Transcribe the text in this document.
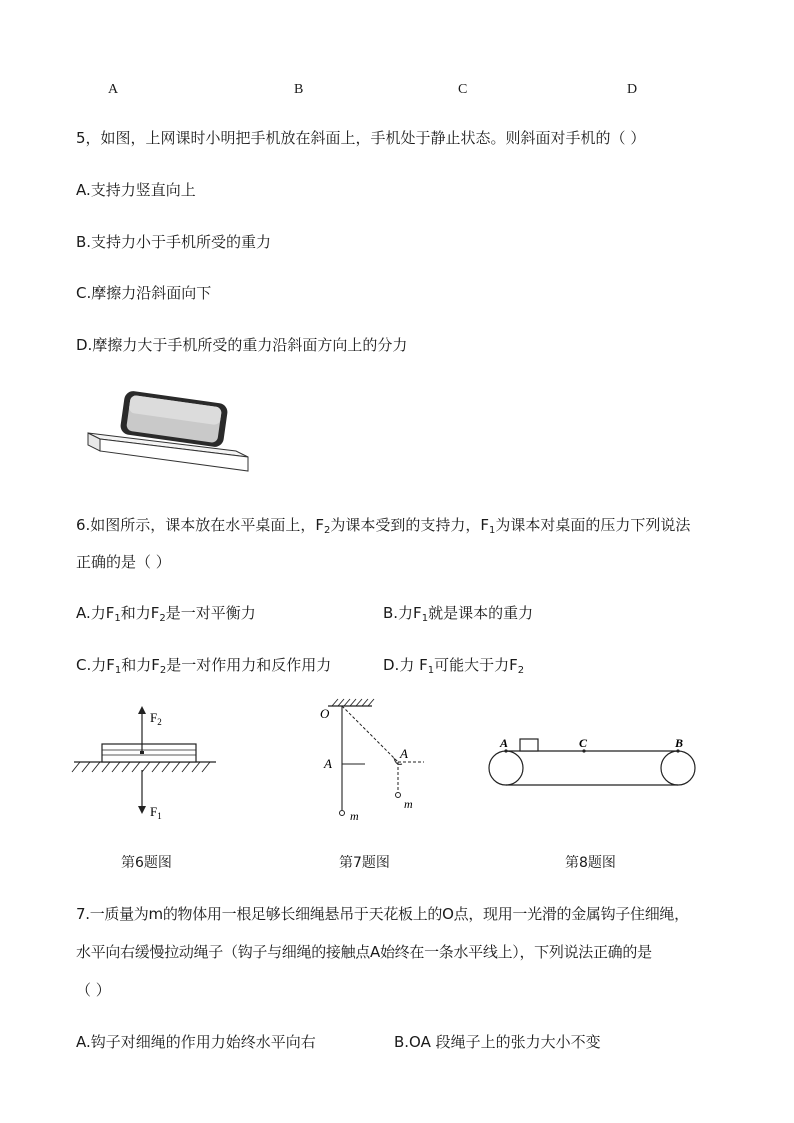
A	B	C	D
5，如图，上网课时小明把手机放在斜面上，手机处于静止状态。则斜面对手机的（ ）
A.支持力竖直向上
B.支持力小于手机所受的重力
C.摩擦力沿斜面向下
D.摩擦力大于手机所受的重力沿斜面方向上的分力
6.如图所示，课本放在水平桌面上，$F_2$为课本受到的支持力，$F_1$为课本对桌面的压力下列说法
正确的是（ ）
A.力$F_1$和力$F_2$是一对平衡力	B.力$F_1$就是课本的重力
C.力$F_1$和力$F_2$是一对作用力和反作用力	D.力 $F_1$可能大于力$F_2$
$F_2$
$F_1$
第6题图
O
A
A
m
m
第7题图
A	C	B
第8题图
7.一质量为m的物体用一根足够长细绳悬吊于天花板上的O点，现用一光滑的金属钩子住细绳，
水平向右缓慢拉动绳子（钩子与细绳的接触点A始终在一条水平线上），下列说法正确的是
（ ）
A.钩子对细绳的作用力始终水平向右	B.OA 段绳子上的张力大小不变
